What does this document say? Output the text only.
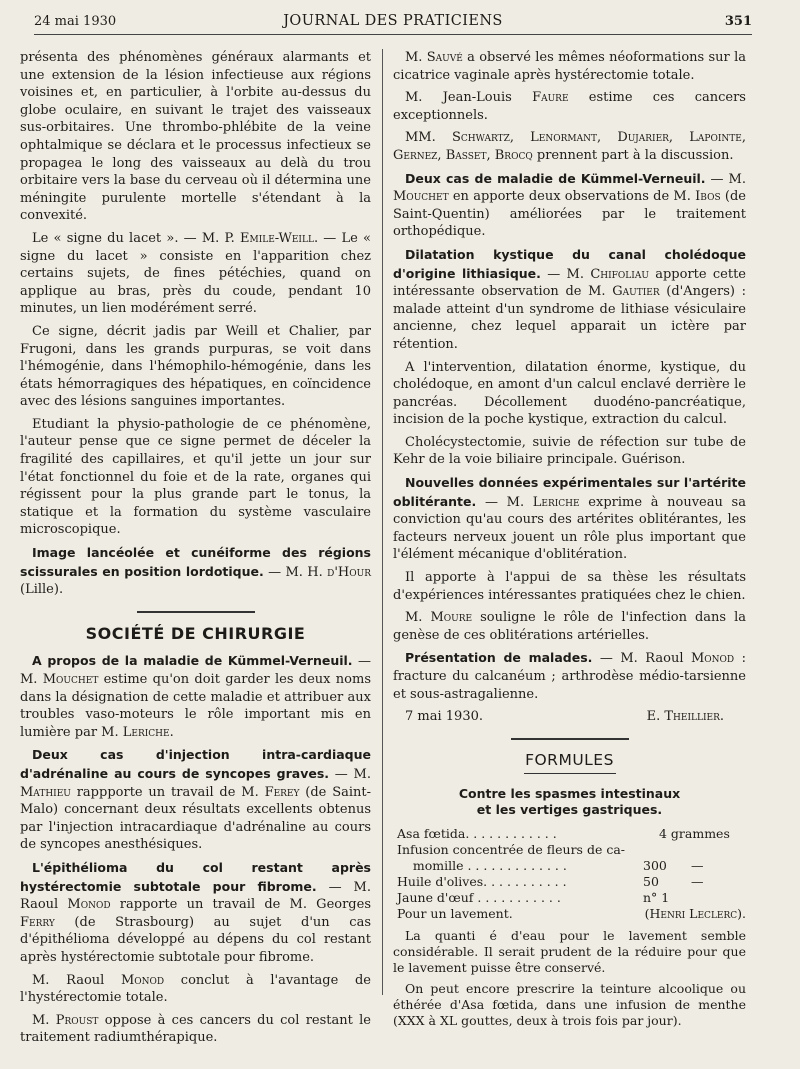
24 mai 1930	JOURNAL DES PRATICIENS	351

présenta des phénomènes généraux alarmants et une extension de la lésion infectieuse aux régions voisines et, en particulier, à l'orbite au-dessus du globe oculaire, en suivant le trajet des vaisseaux sus-orbitaires. Une thrombo-phlébite de la veine ophtalmique se déclara et le processus infectieux se propagea le long des vaisseaux au delà du trou orbitaire vers la base du cerveau où il détermina une méningite purulente mortelle s'étendant à la convexité.

Le « signe du lacet ». — M. P. Emile-Weill. — Le « signe du lacet » consiste en l'apparition chez certains sujets, de fines pétéchies, quand on applique au bras, près du coude, pendant 10 minutes, un lien modérément serré.

Ce signe, décrit jadis par Weill et Chalier, par Frugoni, dans les grands purpuras, se voit dans l'hémogénie, dans l'hémophilo-hémogénie, dans les états hémorragiques des hépatiques, en coïncidence avec des lésions sanguines importantes.

Etudiant la physio-pathologie de ce phénomène, l'auteur pense que ce signe permet de déceler la fragilité des capillaires, et qu'il jette un jour sur l'état fonctionnel du foie et de la rate, organes qui régissent pour la plus grande part le tonus, la statique et la formation du système vasculaire microscopique.

Image lancéolée et cunéiforme des régions scissurales en position lordotique. — M. H. d'Hour (Lille).

SOCIÉTÉ DE CHIRURGIE

A propos de la maladie de Kümmel-Verneuil. — M. Mouchet estime qu'on doit garder les deux noms dans la désignation de cette maladie et attribuer aux troubles vaso-moteurs le rôle important mis en lumière par M. Leriche.

Deux cas d'injection intra-cardiaque d'adrénaline au cours de syncopes graves. — M. Mathieu rappporte un travail de M. Ferey (de Saint-Malo) concernant deux résultats excellents obtenus par l'injection intracardiaque d'adrénaline au cours de syncopes anesthésiques.

L'épithélioma du col restant après hystérectomie subtotale pour fibrome. — M. Raoul Monod rapporte un travail de M. Georges Ferry (de Strasbourg) au sujet d'un cas d'épithélioma développé au dépens du col restant après hystérectomie subtotale pour fibrome.

M. Raoul Monod conclut à l'avantage de l'hystérectomie totale.

M. Proust oppose à ces cancers du col restant le traitement radiumthérapique.

M. Sauvé a observé les mêmes néoformations sur la cicatrice vaginale après hystérectomie totale.

M. Jean-Louis Faure estime ces cancers exceptionnels.

MM. Schwartz, Lenormant, Dujarier, Lapointe, Gernez, Basset, Brocq prennent part à la discussion.

Deux cas de maladie de Kümmel-Verneuil. — M. Mouchet en apporte deux observations de M. Ibos (de Saint-Quentin) améliorées par le traitement orthopédique.

Dilatation kystique du canal cholédoque d'origine lithiasique. — M. Chifoliau apporte cette intéressante observation de M. Gautier (d'Angers) : malade atteint d'un syndrome de lithiase vésiculaire ancienne, chez lequel apparait un ictère par rétention.

A l'intervention, dilatation énorme, kystique, du cholédoque, en amont d'un calcul enclavé derrière le pancréas. Décollement duodéno-pancréatique, incision de la poche kystique, extraction du calcul.

Cholécystectomie, suivie de réfection sur tube de Kehr de la voie biliaire principale. Guérison.

Nouvelles données expérimentales sur l'artérite oblitérante. — M. Leriche exprime à nouveau sa conviction qu'au cours des artérites oblitérantes, les facteurs nerveux jouent un rôle plus important que l'élément mécanique d'oblitération.

Il apporte à l'appui de sa thèse les résultats d'expériences intéressantes pratiquées chez le chien.

M. Moure souligne le rôle de l'infection dans la genèse de ces oblitérations artérielles.

Présentation de malades. — M. Raoul Monod : fracture du calcanéum ; arthrodèse médio-tarsienne et sous-astragalienne.

7 mai 1930.	E. Theillier.
FORMULES
Contre les spasmes intestinaux
et les vertiges gastriques.
Asa fœtida. . . . . . . . . . . .	4 grammes
Infusion concentrée de fleurs de ca-
momille . . . . . . . . . . . . .	300 —
Huile d'olives. . . . . . . . . . .	50	—
Jaune d'œuf . . . . . . . . . . .	n° 1
Pour un lavement.	(Henri Leclerc).

La quanti é d'eau pour le lavement semble considérable. Il serait prudent de la réduire pour que le lavement puisse être conservé.

On peut encore prescrire la teinture alcoolique ou éthérée d'Asa fœtida, dans une infusion de menthe (XXX à XL gouttes, deux à trois fois par jour).
